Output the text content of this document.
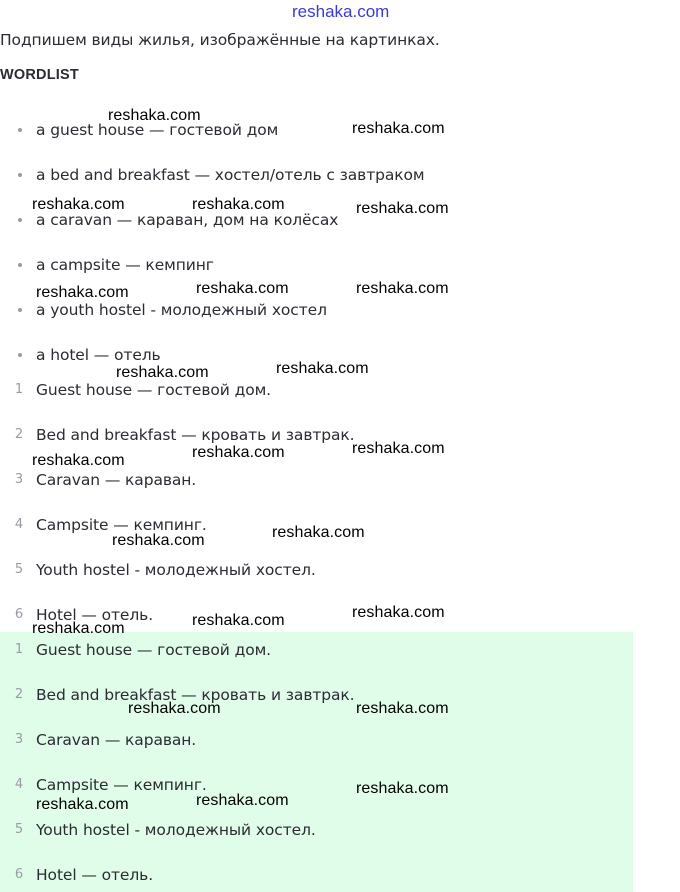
reshaka.com
Подпишем виды жилья, изображённые на картинках.
WORDLIST
a guest house — гостевой дом
a bed and breakfast — хостел/отель с завтраком
a caravan — караван, дом на колёсах
a campsite — кемпинг
a youth hostel - молодежный хостел
a hotel — отель
1 Guest house — гостевой дом.
2 Bed and breakfast — кровать и завтрак.
3 Caravan — караван.
4 Campsite — кемпинг.
5 Youth hostel - молодежный хостел.
6 Hotel — отель.
1 Guest house — гостевой дом.
2 Bed and breakfast — кровать и завтрак.
3 Caravan — караван.
4 Campsite — кемпинг.
5 Youth hostel - молодежный хостел.
6 Hotel — отель.
reshaka.com
reshaka.com
reshaka.com	reshaka.com	reshaka.com
reshaka.com	reshaka.com	reshaka.com
reshaka.com	reshaka.com
reshaka.com	reshaka.com	reshaka.com
reshaka.com	reshaka.com
reshaka.com	reshaka.com	reshaka.com
reshaka.com	reshaka.com
reshaka.com	reshaka.com
reshaka.com
